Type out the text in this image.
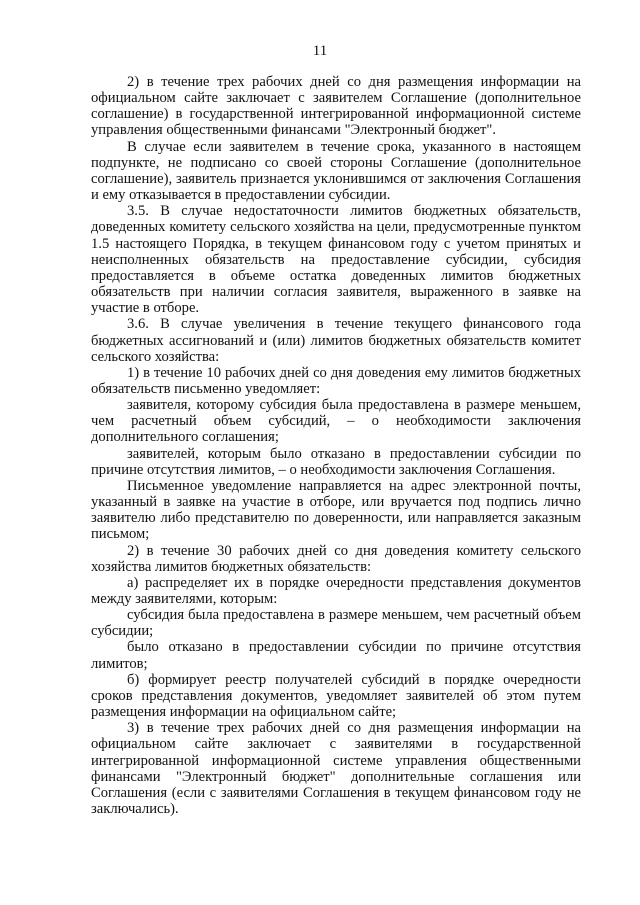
11

2) в течение трех рабочих дней со дня размещения информации на официальном сайте заключает с заявителем Соглашение (дополнительное соглашение) в государственной интегрированной информационной системе управления общественными финансами "Электронный бюджет".

В случае если заявителем в течение срока, указанного в настоящем подпункте, не подписано со своей стороны Соглашение (дополнительное соглашение), заявитель признается уклонившимся от заключения Соглашения и ему отказывается в предоставлении субсидии.

3.5. В случае недостаточности лимитов бюджетных обязательств, доведенных комитету сельского хозяйства на цели, предусмотренные пунктом 1.5 настоящего Порядка, в текущем финансовом году с учетом принятых и неисполненных обязательств на предоставление субсидии, субсидия предоставляется в объеме остатка доведенных лимитов бюджетных обязательств при наличии согласия заявителя, выраженного в заявке на участие в отборе.

3.6. В случае увеличения в течение текущего финансового года бюджетных ассигнований и (или) лимитов бюджетных обязательств комитет сельского хозяйства:

1) в течение 10 рабочих дней со дня доведения ему лимитов бюджетных обязательств письменно уведомляет:

заявителя, которому субсидия была предоставлена в размере меньшем, чем расчетный объем субсидий, – о необходимости заключения дополнительного соглашения;

заявителей, которым было отказано в предоставлении субсидии по причине отсутствия лимитов, – о необходимости заключения Соглашения.

Письменное уведомление направляется на адрес электронной почты, указанный в заявке на участие в отборе, или вручается под подпись лично заявителю либо представителю по доверенности, или направляется заказным письмом;

2) в течение 30 рабочих дней со дня доведения комитету сельского хозяйства лимитов бюджетных обязательств:

а) распределяет их в порядке очередности представления документов между заявителями, которым:

субсидия была предоставлена в размере меньшем, чем расчетный объем субсидии;

было отказано в предоставлении субсидии по причине отсутствия лимитов;

б) формирует реестр получателей субсидий в порядке очередности сроков представления документов, уведомляет заявителей об этом путем размещения информации на официальном сайте;

3) в течение трех рабочих дней со дня размещения информации на официальном сайте заключает с заявителями в государственной интегрированной информационной системе управления общественными финансами "Электронный бюджет" дополнительные соглашения или Соглашения (если с заявителями Соглашения в текущем финансовом году не заключались).
